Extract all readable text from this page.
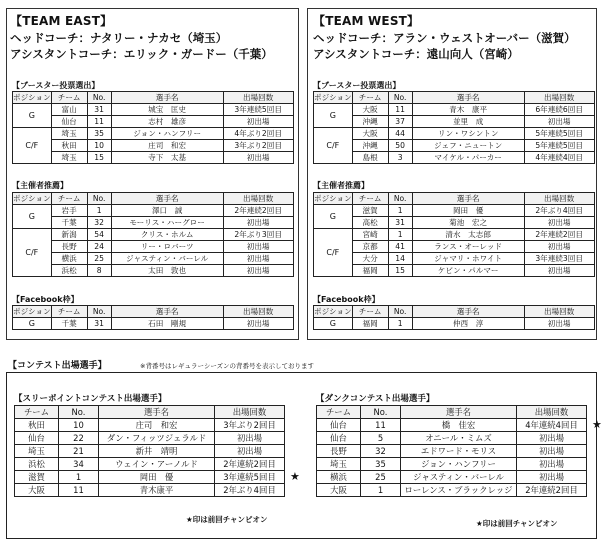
【TEAM EAST】
ヘッドコーチ：ナタリー・ナカセ（埼玉）
アシスタントコーチ：エリック・ガードー（千葉）
【ブースター投票選出】
ポジション	チーム	No.	選手名	出場回数
G	富山	31	城宝　匡史	3年連続5回目
	仙台	11	志村　雄彦	初出場
C/F	埼玉	35	ジョン・ハンフリー	4年ぶり2回目
	秋田	10	庄司　和宏	3年ぶり2回目
	埼玉	15	寺下　太基	初出場
【主催者推薦】
ポジション	チーム	No.	選手名	出場回数
G	岩手	1	澤口　誠	2年連続2回目
	千葉	32	モーリス・ハーグロー	初出場
C/F	新潟	54	クリス・ホルム	2年ぶり3回目
	長野	24	リー・ロバーツ	初出場
	横浜	25	ジャスティン・バーレル	初出場
	浜松	8	太田　敦也	初出場
【Facebook枠】
ポジション	チーム	No.	選手名	出場回数
G	千葉	31	石田　剛規	初出場
【TEAM WEST】
ヘッドコーチ：アラン・ウェストオーバー（滋賀）
アシスタントコーチ：遠山向人（宮崎）
【ブースター投票選出】
ポジション	チーム	No.	選手名	出場回数
G	大阪	11	青木　康平	6年連続6回目
	沖縄	37	並里　成	初出場
C/F	大阪	44	リン・ワシントン	5年連続5回目
	沖縄	50	ジェフ・ニュートン	5年連続5回目
	島根	3	マイケル・パーカー	4年連続4回目
【主催者推薦】
ポジション	チーム	No.	選手名	出場回数
G	滋賀	1	岡田　優	2年ぶり4回目
	高松	31	菊池　宏之	初出場
C/F	宮崎	1	清水　太志郎	2年連続2回目
	京都	41	ランス・オーレッド	初出場
	大分	14	ジャマリ・ホワイト	3年連続3回目
	福岡	15	ケビン・パルマー	初出場
【Facebook枠】
ポジション	チーム	No.	選手名	出場回数
G	福岡	1	仲西　淳	初出場
【コンテスト出場選手】	※背番号はレギュラーシーズンの背番号を表示しております
【スリーポイントコンテスト出場選手】
チーム	No.	選手名	出場回数
秋田	10	庄司　和宏	3年ぶり2回目
仙台	22	ダン・フィッツジェラルド	初出場
埼玉	21	新井　靖明	初出場
浜松	34	ウェイン・アーノルド	2年連続2回目
滋賀	1	岡田　優	3年連続5回目
大阪	11	青木康平	2年ぶり4回目
★
★印は前回チャンピオン
【ダンクコンテスト出場選手】
チーム	No.	選手名	出場回数
仙台	11	橋　佳宏	4年連続4回目
仙台	5	オニール・ミムズ	初出場
長野	32	エドワード・モリス	初出場
埼玉	35	ジョン・ハンフリー	初出場
横浜	25	ジャスティン・バーレル	初出場
大阪	1	ローレンス・ブラックレッジ	2年連続2回目
★
★印は前回チャンピオン
